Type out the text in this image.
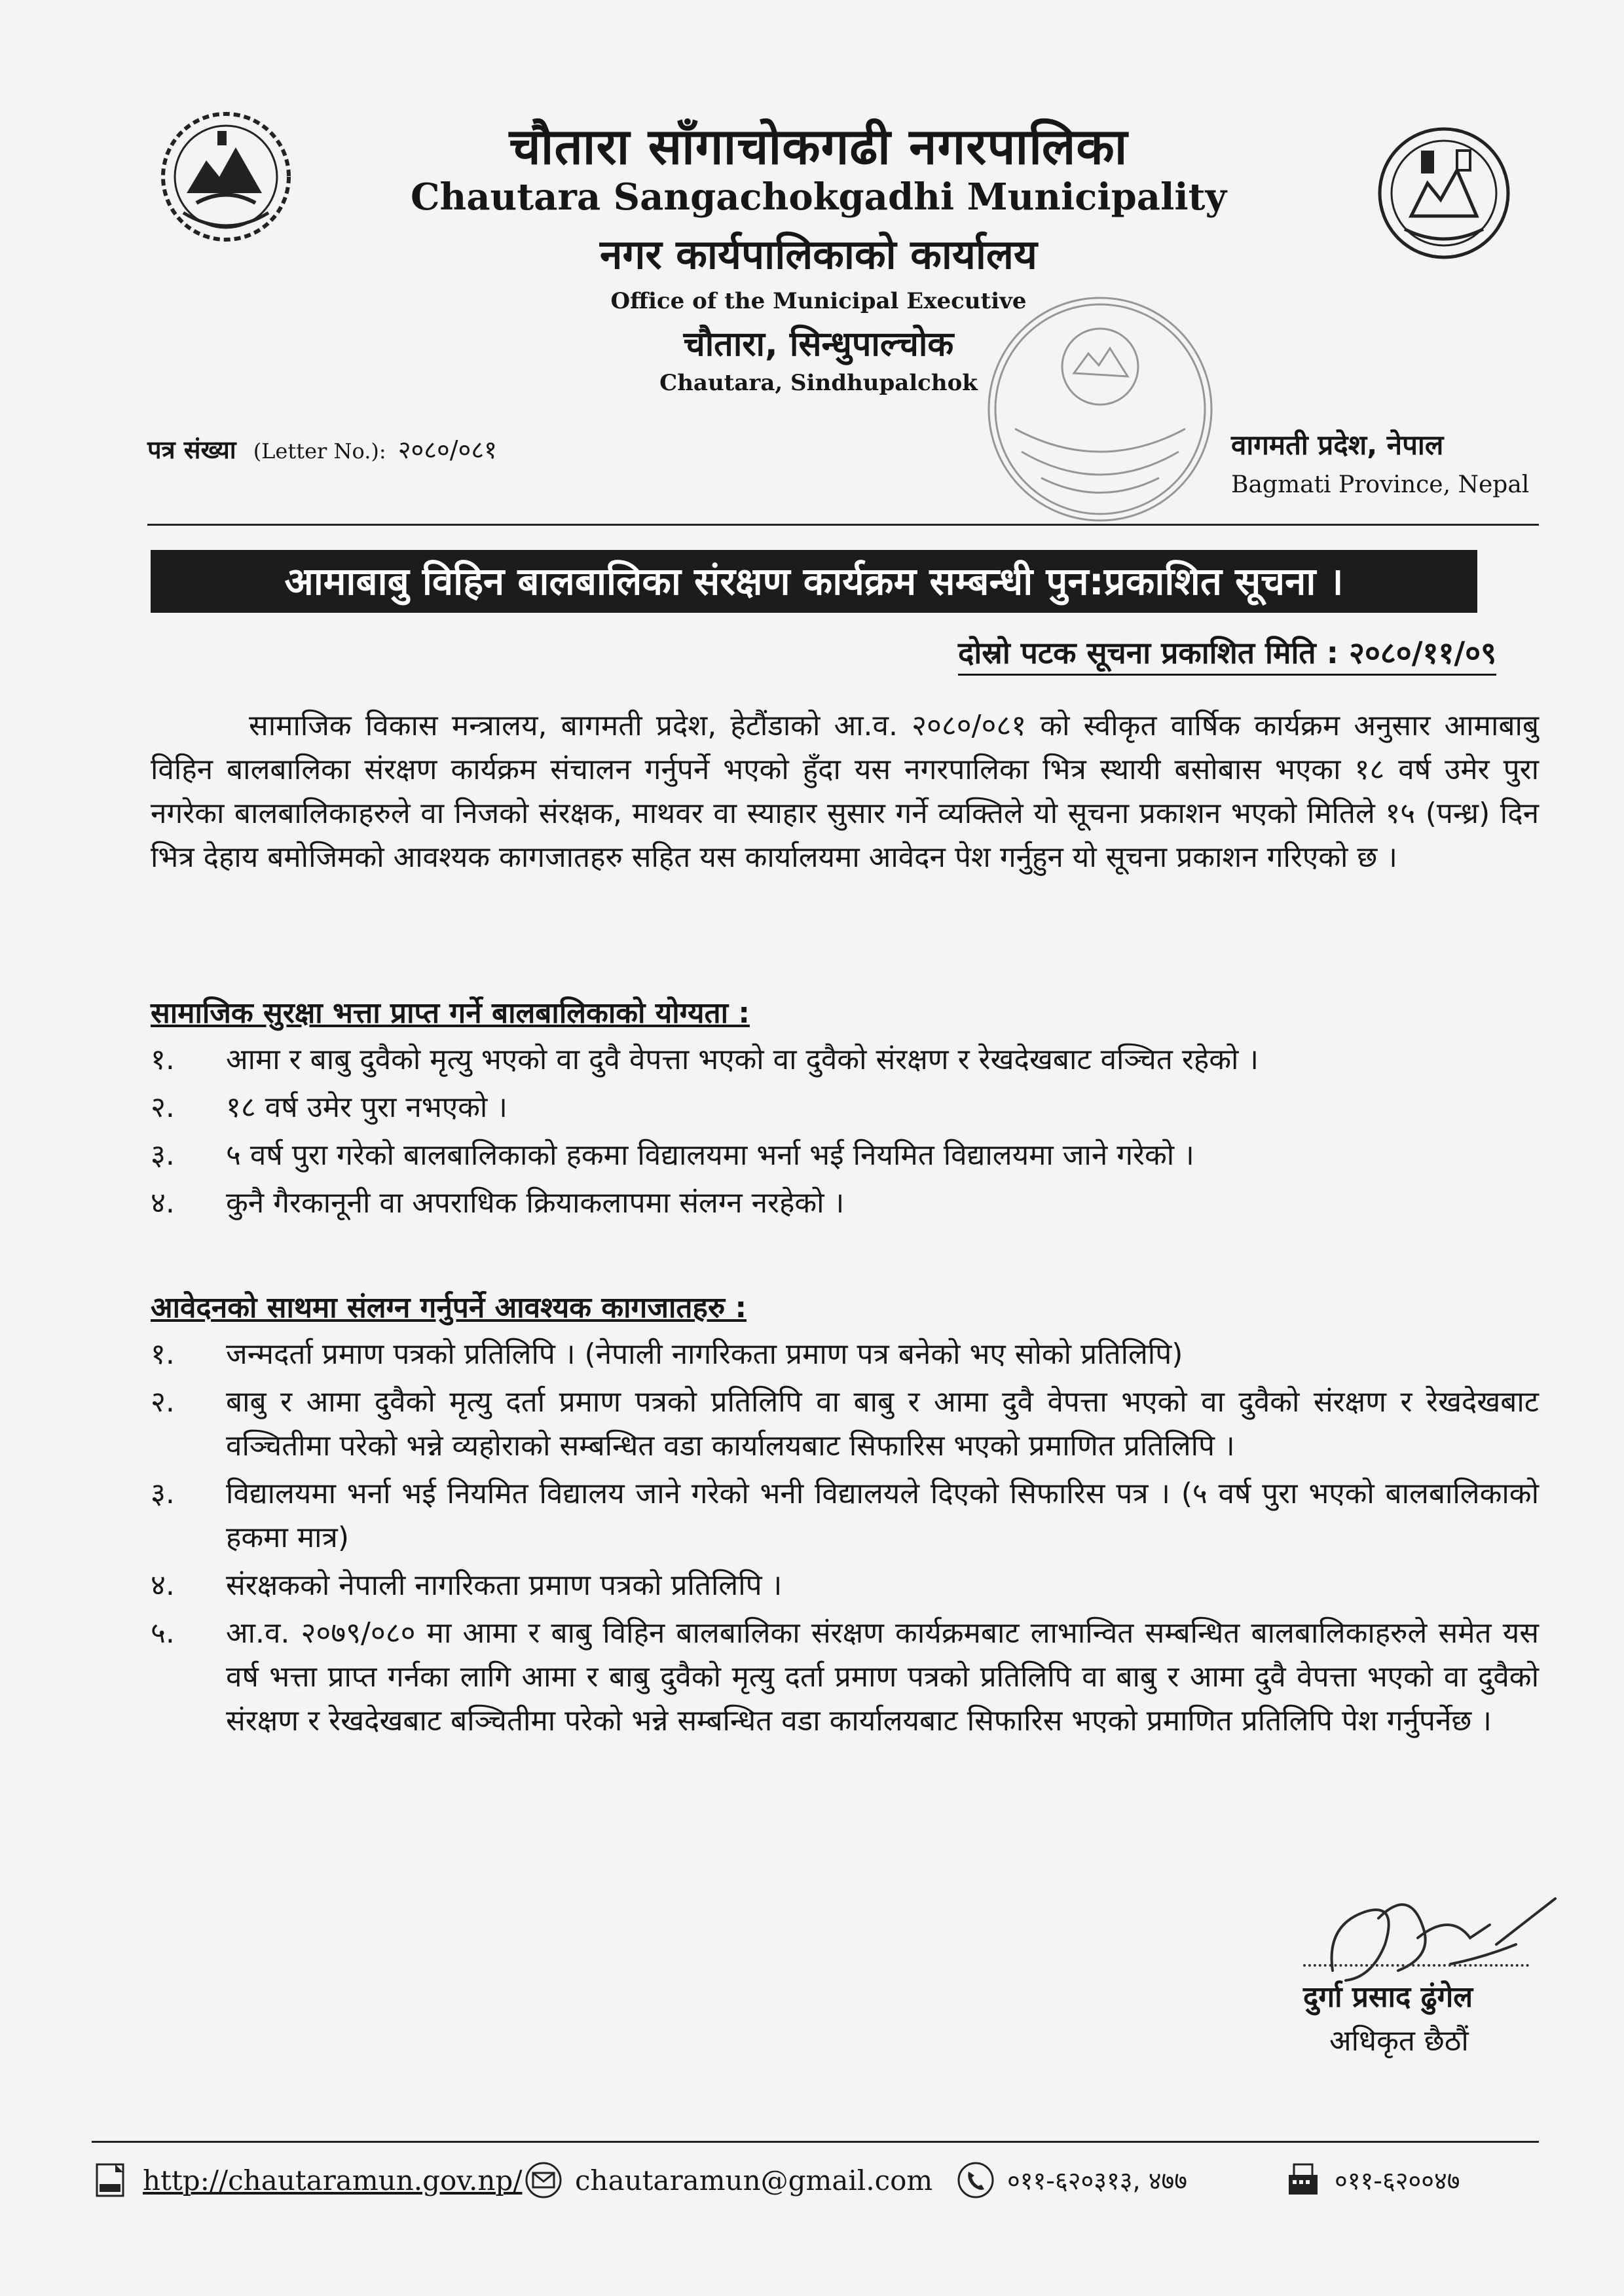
चौतारा साँगाचोकगढी नगरपालिका
Chautara Sangachokgadhi Municipality
नगर कार्यपालिकाको कार्यालय
Office of the Municipal Executive
चौतारा, सिन्धुपाल्चोक
Chautara, Sindhupalchok
पत्र संख्या (Letter No.): २०८०/०८१	वागमती प्रदेश, नेपाल
Bagmati Province, Nepal
आमाबाबु विहिन बालबालिका संरक्षण कार्यक्रम सम्बन्धी पुन:प्रकाशित सूचना ।
दोस्रो पटक सूचना प्रकाशित मिति : २०८०/११/०९
सामाजिक विकास मन्त्रालय, बागमती प्रदेश, हेटौंडाको आ.व. २०८०/०८१ को स्वीकृत वार्षिक कार्यक्रम अनुसार आमाबाबु विहिन बालबालिका संरक्षण कार्यक्रम संचालन गर्नुपर्ने भएको हुँदा यस नगरपालिका भित्र स्थायी बसोबास भएका १८ वर्ष उमेर पुरा नगरेका बालबालिकाहरुले वा निजको संरक्षक, माथवर वा स्याहार सुसार गर्ने व्यक्तिले यो सूचना प्रकाशन भएको मितिले १५ (पन्ध्र) दिन भित्र देहाय बमोजिमको आवश्यक कागजातहरु सहित यस कार्यालयमा आवेदन पेश गर्नुहुन यो सूचना प्रकाशन गरिएको छ ।
सामाजिक सुरक्षा भत्ता प्राप्त गर्ने बालबालिकाको योग्यता :
१.	आमा र बाबु दुवैको मृत्यु भएको वा दुवै वेपत्ता भएको वा दुवैको संरक्षण र रेखदेखबाट वञ्चित रहेको ।
२.	१८ वर्ष उमेर पुरा नभएको ।
३.	५ वर्ष पुरा गरेको बालबालिकाको हकमा विद्यालयमा भर्ना भई नियमित विद्यालयमा जाने गरेको ।
४.	कुनै गैरकानूनी वा अपराधिक क्रियाकलापमा संलग्न नरहेको ।
आवेदनको साथमा संलग्न गर्नुपर्ने आवश्यक कागजातहरु :
१.	जन्मदर्ता प्रमाण पत्रको प्रतिलिपि । (नेपाली नागरिकता प्रमाण पत्र बनेको भए सोको प्रतिलिपि)
२.	बाबु र आमा दुवैको मृत्यु दर्ता प्रमाण पत्रको प्रतिलिपि वा बाबु र आमा दुवै वेपत्ता भएको वा दुवैको संरक्षण र रेखदेखबाट वञ्चितीमा परेको भन्ने व्यहोराको सम्बन्धित वडा कार्यालयबाट सिफारिस भएको प्रमाणित प्रतिलिपि ।
३.	विद्यालयमा भर्ना भई नियमित विद्यालय जाने गरेको भनी विद्यालयले दिएको सिफारिस पत्र । (५ वर्ष पुरा भएको बालबालिकाको हकमा मात्र)
४.	संरक्षकको नेपाली नागरिकता प्रमाण पत्रको प्रतिलिपि ।
५.	आ.व. २०७९/०८० मा आमा र बाबु विहिन बालबालिका संरक्षण कार्यक्रमबाट लाभान्वित सम्बन्धित बालबालिकाहरुले समेत यस वर्ष भत्ता प्राप्त गर्नका लागि आमा र बाबु दुवैको मृत्यु दर्ता प्रमाण पत्रको प्रतिलिपि वा बाबु र आमा दुवै वेपत्ता भएको वा दुवैको संरक्षण र रेखदेखबाट बञ्चितीमा परेको भन्ने सम्बन्धित वडा कार्यालयबाट सिफारिस भएको प्रमाणित प्रतिलिपि पेश गर्नुपर्नेछ ।
दुर्गा प्रसाद ढुंगेल
अधिकृत छैठौं
http://chautaramun.gov.np/ chautaramun@gmail.com	०११-६२०३१३, ४७७	०११-६२००४७
